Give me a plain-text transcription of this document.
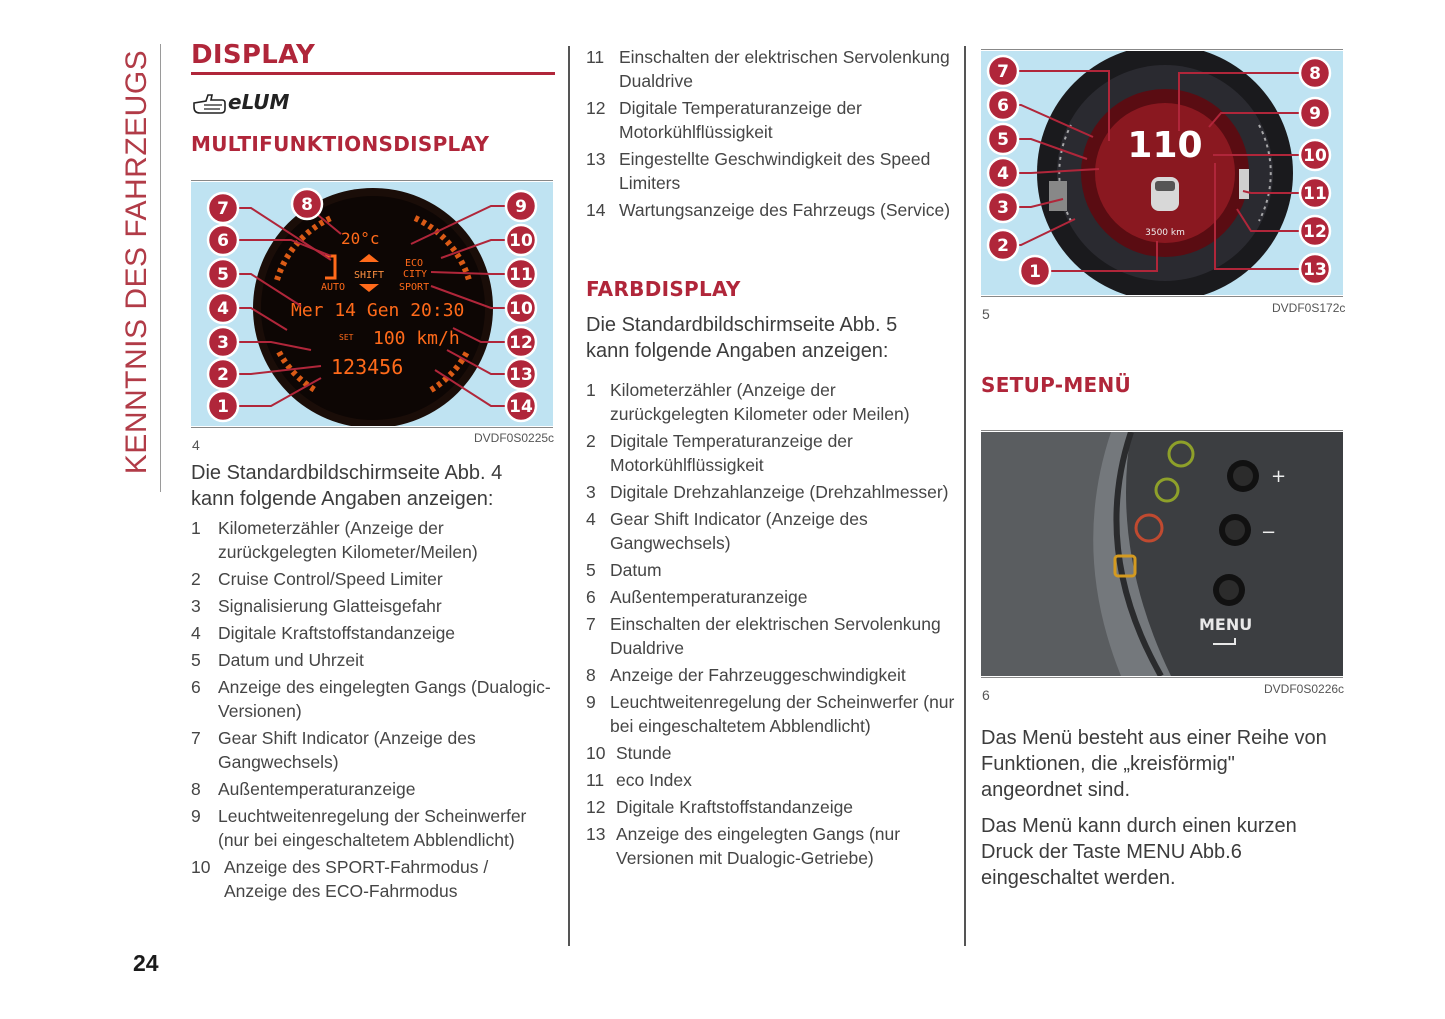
KENNTNIS DES FAHRZEUGS
24
DISPLAY
eLUM
MULTIFUNKTIONSDISPLAY
20°c
SHIFT
AUTO
ECO
CITY
SPORT
Mer 14 Gen 20:30
100 km/h
SET
123456
7	8	9
6	10
5	11
4	10
3	12
2	13
1	14
4	DVDF0S0225c
Die Standardbildschirmseite Abb. 4 kann folgende Angaben anzeigen:
1 Kilometerzähler (Anzeige der zurückgelegten Kilometer/Meilen)
2 Cruise Control/Speed Limiter
3 Signalisierung Glatteisgefahr
4 Digitale Kraftstoffstandanzeige
5 Datum und Uhrzeit
6 Anzeige des eingelegten Gangs (Dualogic-Versionen)
7 Gear Shift Indicator (Anzeige des Gangwechsels)
8 Außentemperaturanzeige
9 Leuchtweitenregelung der Scheinwerfer (nur bei eingeschaltetem Abblendlicht)
10 Anzeige des SPORT-Fahrmodus / Anzeige des ECO-Fahrmodus
11 Einschalten der elektrischen Servolenkung Dualdrive
12 Digitale Temperaturanzeige der Motorkühlflüssigkeit
13 Eingestellte Geschwindigkeit des Speed Limiters
14 Wartungsanzeige des Fahrzeugs (Service)
FARBDISPLAY
Die Standardbildschirmseite Abb. 5 kann folgende Angaben anzeigen:
1 Kilometerzähler (Anzeige der zurückgelegten Kilometer oder Meilen)
2 Digitale Temperaturanzeige der Motorkühlflüssigkeit
3 Digitale Drehzahlanzeige (Drehzahlmesser)
4 Gear Shift Indicator (Anzeige des Gangwechsels)
5 Datum
6 Außentemperaturanzeige
7 Einschalten der elektrischen Servolenkung Dualdrive
8 Anzeige der Fahrzeuggeschwindigkeit
9 Leuchtweitenregelung der Scheinwerfer (nur bei eingeschaltetem Abblendlicht)
10 Stunde
11 eco Index
12 Digitale Kraftstoffstandanzeige
13 Anzeige des eingelegten Gangs (nur Versionen mit Dualogic-Getriebe)
110
3500 km
7
6
5
4
3
2
1
8
9
10
11
12
13
5	DVDF0S172c
SETUP-MENÜ
+
−
MENU
6	DVDF0S0226c
Das Menü besteht aus einer Reihe von Funktionen, die „kreisförmig" angeordnet sind.
Das Menü kann durch einen kurzen Druck der Taste MENU Abb.6 eingeschaltet werden.
